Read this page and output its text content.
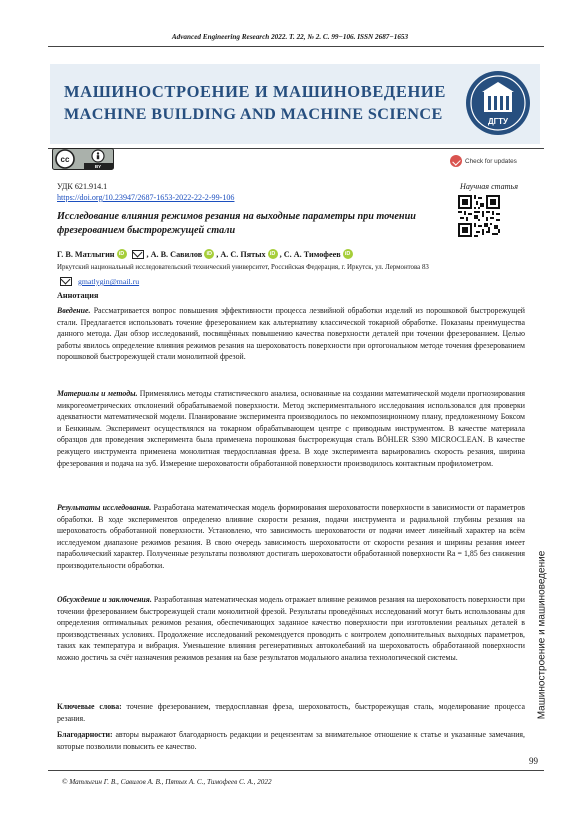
Advanced Engineering Research 2022. Т. 22, № 2. С. 99−106. ISSN 2687−1653
МАШИНОСТРОЕНИЕ И МАШИНОВЕДЕНИЕ
MACHINE BUILDING AND MACHINE SCIENCE	ДГТУ
cc
BY
Check for updates
УДК 621.914.1
https://doi.org/10.23947/2687-1653-2022-22-2-99-106
Научная статья
Исследование влияния режимов резания на выходные параметры при точении фрезерованием быстрорежущей стали
Г. В. Матлыгин iD	, А. В. Савилов iD , А. С. Пятых iD , С. А. Тимофеев iD
Иркутский национальный исследовательский технический университет, Российская Федерация, г. Иркутск, ул. Лермонтова 83
gmatlygin@mail.ru
Аннотация

Введение. Рассматривается вопрос повышения эффективности процесса лезвийной обработки изделий из порошковой быстрорежущей стали. Предлагается использовать точение фрезерованием как альтернативу классической токарной обработке. Показаны преимущества данного метода. Дан обзор исследований, посвящённых повышению качества поверхности деталей при точении фрезерованием. Целью работы явилось определение влияния режимов резания на шероховатость поверхности при ортогональном методе точения фрезерованием порошковой быстрорежущей стали монолитной фрезой.

Материалы и методы. Применялись методы статистического анализа, основанные на создании математической модели прогнозирования микрогеометрических отклонений обрабатываемой поверхности. Метод экспериментального исследования использовался для проверки адекватности математической модели. Планирование эксперимента производилось по некомпозиционному плану, предложенному Боксом и Бенкиным. Эксперимент осуществлялся на токарном обрабатывающем центре с приводным инструментом. В качестве материала образцов для проведения эксперимента была применена порошковая быстрорежущая сталь BÖHLER S390 MICROCLEAN. В качестве режущего инструмента применена монолитная твердосплавная фреза. В ходе эксперимента варьировались скорость резания, ширина фрезерования и подача на зуб. Измерение шероховатости обработанной поверхности производилось контактным профилометром.

Результаты исследования. Разработана математическая модель формирования шероховатости поверхности в зависимости от параметров обработки. В ходе экспериментов определено влияние скорости резания, подачи инструмента и радиальной глубины резания на шероховатость обработанной поверхности. Установлено, что зависимость шероховатости от подачи имеет линейный характер на всём исследуемом диапазоне режимов резания. В свою очередь зависимость шероховатости от скорости резания и ширины резания имеет параболический характер. Полученные результаты позволяют достигать шероховатости обработанной поверхности Ra = 1,85 без снижения производительности обработки.

Обсуждение и заключения. Разработанная математическая модель отражает влияние режимов резания на шероховатость поверхности при точении фрезерованием быстрорежущей стали монолитной фрезой. Результаты проведённых исследований могут быть использованы для определения оптимальных режимов резания, обеспечивающих заданное качество поверхности при изготовлении реальных деталей в производственных условиях. Продолжение исследований рекомендуется проводить с контролем дополнительных выходных параметров, таких как температура и вибрация. Уменьшение влияния регенеративных автоколебаний на шероховатость обработанной поверхности можно достичь за счёт назначения режимов резания на базе результатов модального анализа технологической системы.

Ключевые слова: точение фрезерованием, твердосплавная фреза, шероховатость, быстрорежущая сталь, моделирование процесса резания.

Благодарности: авторы выражают благодарность редакции и рецензентам за внимательное отношение к статье и указанные замечания, которые позволили повысить ее качество.

Машиностроение и машиноведение
99
© Матлыгин Г. В., Савилов А. В., Пятых А. С., Тимофеев С. А., 2022
